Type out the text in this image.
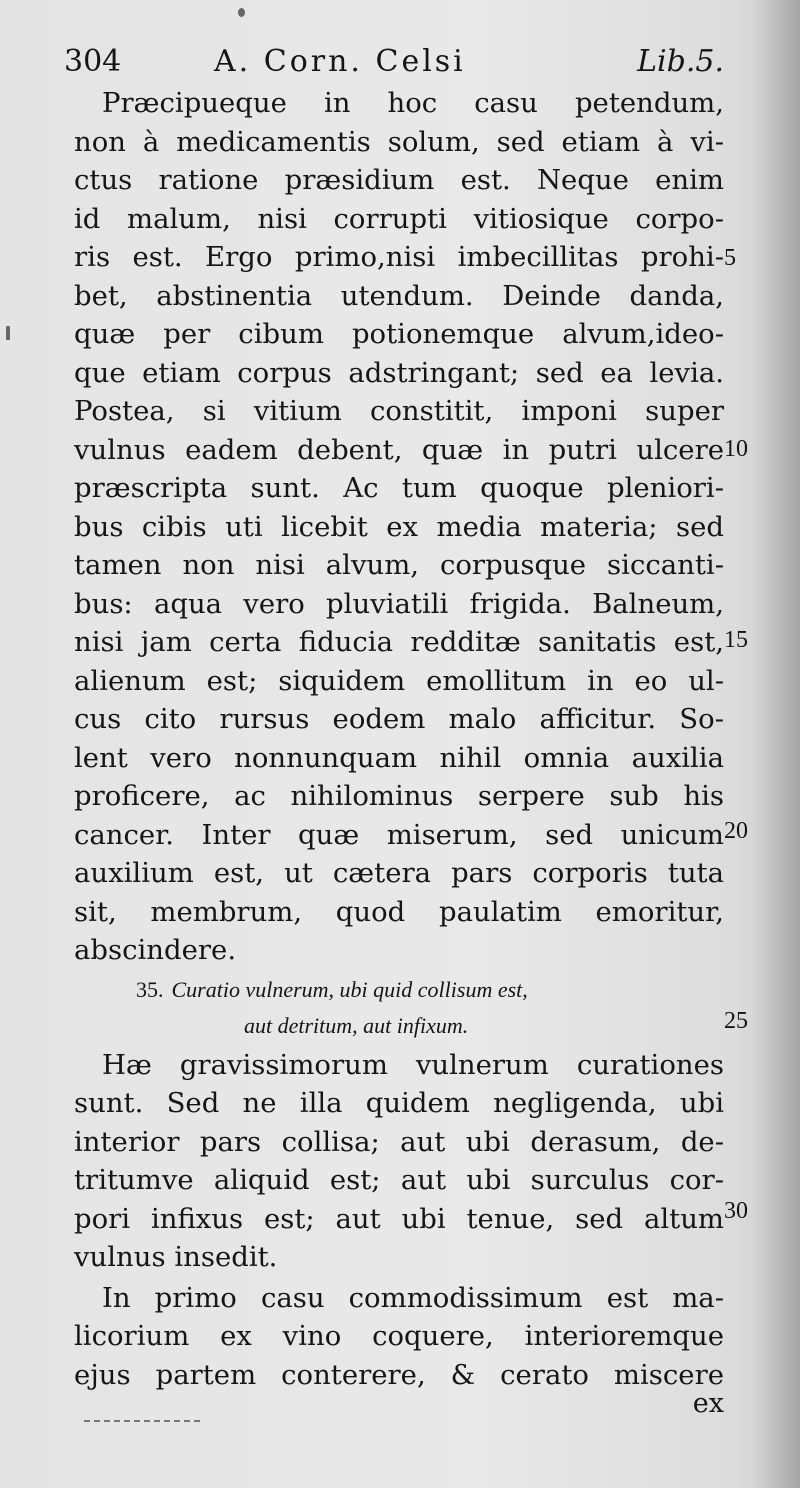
304	A. Corn. Celsi	Lib.5.
Præcipueque in hoc casu petendum,
non à medicamentis solum, sed etiam à vi-
ctus ratione præsidium est. Neque enim
id malum, nisi corrupti vitiosique corpo-
ris est. Ergo primo,nisi imbecillitas prohi-
bet, abstinentia utendum. Deinde danda,
quæ per cibum potionemque alvum,ideo-
que etiam corpus adstringant; sed ea levia.
Postea, si vitium constitit, imponi super
vulnus eadem debent, quæ in putri ulcere
præscripta sunt. Ac tum quoque pleniori-
bus cibis uti licebit ex media materia; sed
tamen non nisi alvum, corpusque siccanti-
bus: aqua vero pluviatili frigida. Balneum,
nisi jam certa fiducia redditæ sanitatis est,
alienum est; siquidem emollitum in eo ul-
cus cito rursus eodem malo afficitur. So-
lent vero nonnunquam nihil omnia auxilia
proficere, ac nihilominus serpere sub his
cancer. Inter quæ miserum, sed unicum
auxilium est, ut cætera pars corporis tuta
sit, membrum, quod paulatim emoritur,
abscindere.
35. Curatio vulnerum, ubi quid collisum est,
aut detritum, aut infixum.
Hæ gravissimorum vulnerum curationes
sunt. Sed ne illa quidem negligenda, ubi
interior pars collisa; aut ubi derasum, de-
tritumve aliquid est; aut ubi surculus cor-
pori infixus est; aut ubi tenue, sed altum
vulnus insedit.
In primo casu commodissimum est ma-
licorium ex vino coquere, interioremque
ejus partem conterere, & cerato miscere
5
10
15
20
25
30
ex
